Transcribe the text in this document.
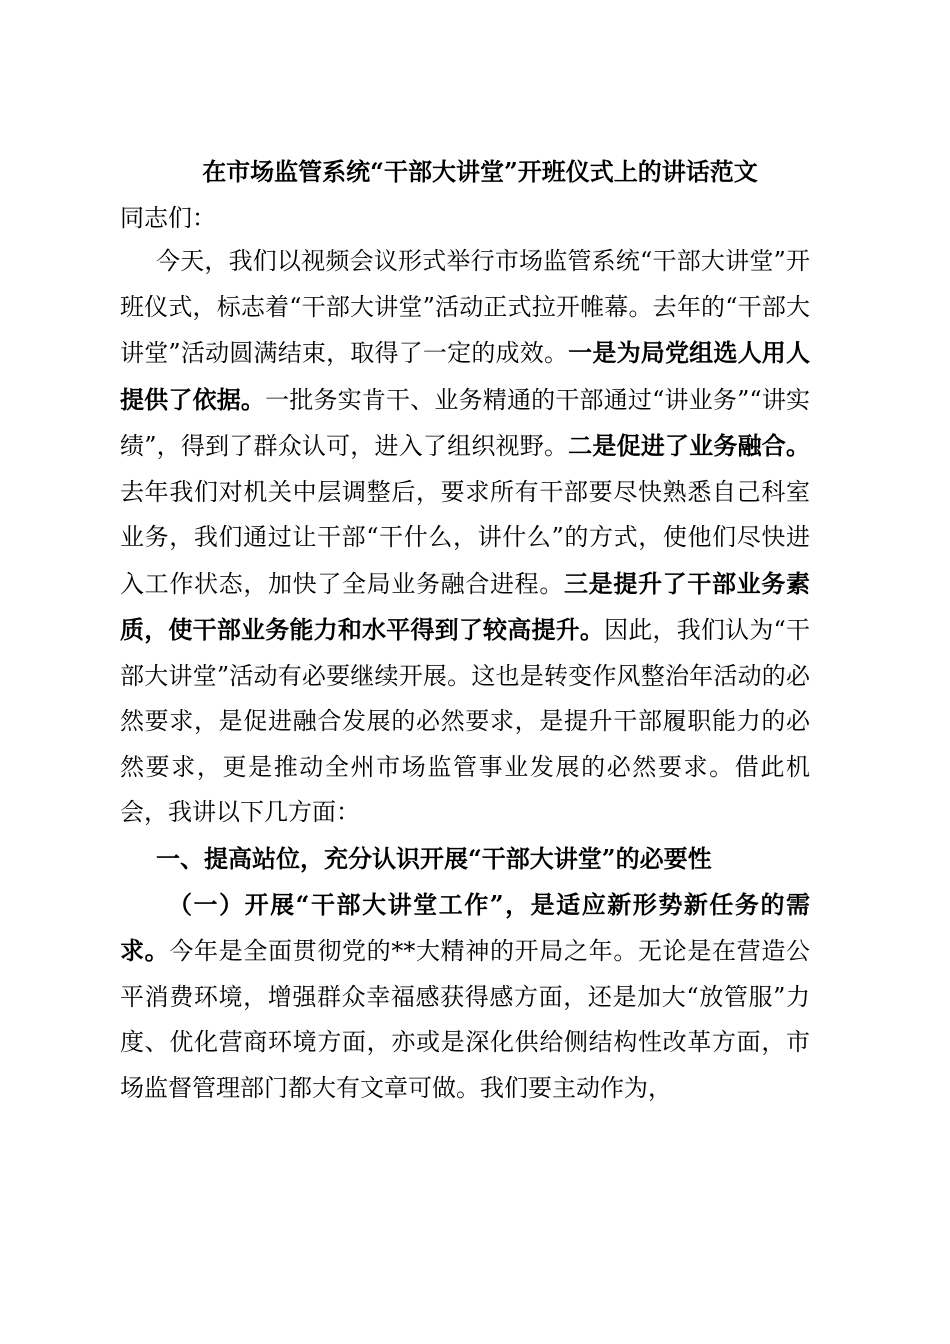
在市场监管系统“干部大讲堂”开班仪式上的讲话范文

同志们：

今天，我们以视频会议形式举行市场监管系统“干部大讲堂”开班仪式，标志着“干部大讲堂”活动正式拉开帷幕。去年的“干部大讲堂”活动圆满结束，取得了一定的成效。一是为局党组选人用人提供了依据。一批务实肯干、业务精通的干部通过“讲业务”“讲实绩”，得到了群众认可，进入了组织视野。二是促进了业务融合。去年我们对机关中层调整后，要求所有干部要尽快熟悉自己科室业务，我们通过让干部“干什么，讲什么”的方式，使他们尽快进入工作状态，加快了全局业务融合进程。三是提升了干部业务素质，使干部业务能力和水平得到了较高提升。因此，我们认为“干部大讲堂”活动有必要继续开展。这也是转变作风整治年活动的必然要求，是促进融合发展的必然要求，是提升干部履职能力的必然要求，更是推动全州市场监管事业发展的必然要求。借此机会，我讲以下几方面：

一、提高站位，充分认识开展“干部大讲堂”的必要性

（一）开展“干部大讲堂工作”，是适应新形势新任务的需求。今年是全面贯彻党的**大精神的开局之年。无论是在营造公平消费环境，增强群众幸福感获得感方面，还是加大“放管服”力度、优化营商环境方面，亦或是深化供给侧结构性改革方面，市场监督管理部门都大有文章可做。我们要主动作为，
